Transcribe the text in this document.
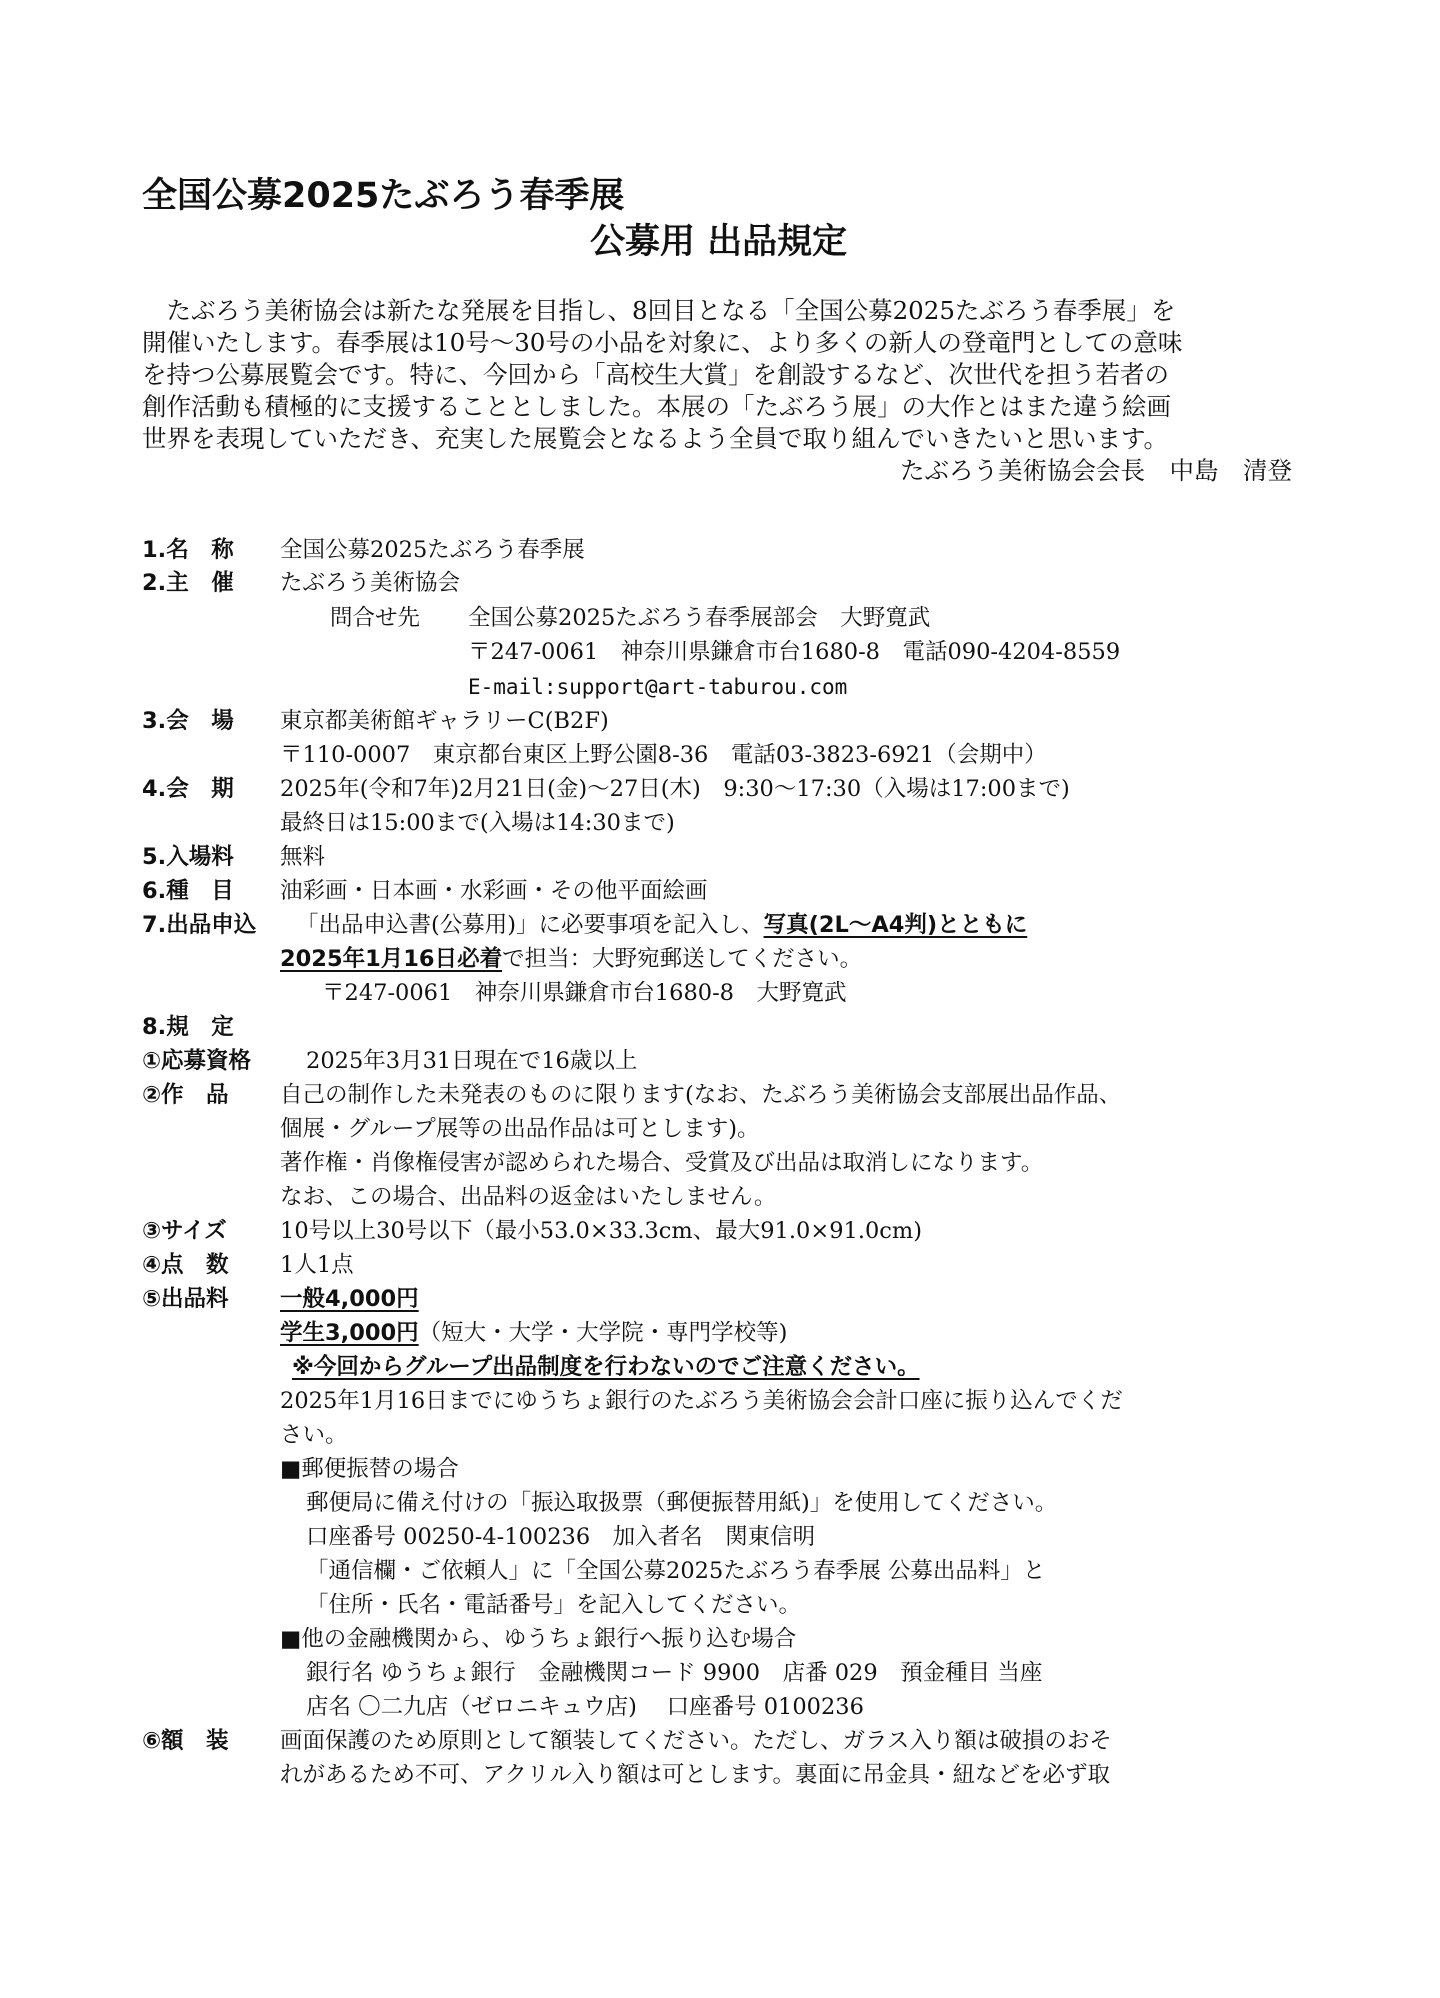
全国公募2025たぶろう春季展
公募用 出品規定

　たぶろう美術協会は新たな発展を目指し、8回目となる「全国公募2025たぶろう春季展」を

開催いたします。春季展は10号〜30号の小品を対象に、より多くの新人の登竜門としての意味

を持つ公募展覧会です。特に、今回から「高校生大賞」を創設するなど、次世代を担う若者の

創作活動も積極的に支援することとしました。本展の「たぶろう展」の大作とはまた違う絵画

世界を表現していただき、充実した展覧会となるよう全員で取り組んでいきたいと思います。

たぶろう美術協会会長　中島　清登

1.名　称 全国公募2025たぶろう春季展
2.主　催 たぶろう美術協会
問合せ先 全国公募2025たぶろう春季展部会　大野寛武
〒247-0061　神奈川県鎌倉市台1680-8　電話090-4204-8559
E-mail:support@art-taburou.com
3.会　場 東京都美術館ギャラリーC(B2F)
〒110-0007　東京都台東区上野公園8-36　電話03-3823-6921（会期中）
4.会　期 2025年(令和7年)2月21日(金)〜27日(木)　9:30〜17:30（入場は17:00まで)
最終日は15:00まで(入場は14:30まで)
5.入場料 無料
6.種　目 油彩画・日本画・水彩画・その他平面絵画
7.出品申込 「出品申込書(公募用)」に必要事項を記入し、写真(2L〜A4判)とともに
2025年1月16日必着で担当：大野宛郵送してください。
〒247-0061　神奈川県鎌倉市台1680-8　大野寛武
8.規　定
①応募資格 2025年3月31日現在で16歳以上
②作　品 自己の制作した未発表のものに限ります(なお、たぶろう美術協会支部展出品作品、
個展・グループ展等の出品作品は可とします)。
著作権・肖像権侵害が認められた場合、受賞及び出品は取消しになります。
なお、この場合、出品料の返金はいたしません。
③サイズ 10号以上30号以下（最小53.0×33.3cm、最大91.0×91.0cm)
④点　数 1人1点
⑤出品料 一般4,000円
学生3,000円（短大・大学・大学院・専門学校等)
※今回からグループ出品制度を行わないのでご注意ください。
2025年1月16日までにゆうちょ銀行のたぶろう美術協会会計口座に振り込んでくだ
さい。
■郵便振替の場合
郵便局に備え付けの「振込取扱票（郵便振替用紙)」を使用してください。
口座番号 00250-4-100236　加入者名　関東信明
「通信欄・ご依頼人」に「全国公募2025たぶろう春季展 公募出品料」と
「住所・氏名・電話番号」を記入してください。
■他の金融機関から、ゆうちょ銀行へ振り込む場合
銀行名 ゆうちょ銀行　金融機関コード 9900　店番 029　預金種目 当座
店名 〇二九店（ゼロニキュウ店)　 口座番号 0100236
⑥額　装 画面保護のため原則として額装してください。ただし、ガラス入り額は破損のおそ
れがあるため不可、アクリル入り額は可とします。裏面に吊金具・紐などを必ず取
